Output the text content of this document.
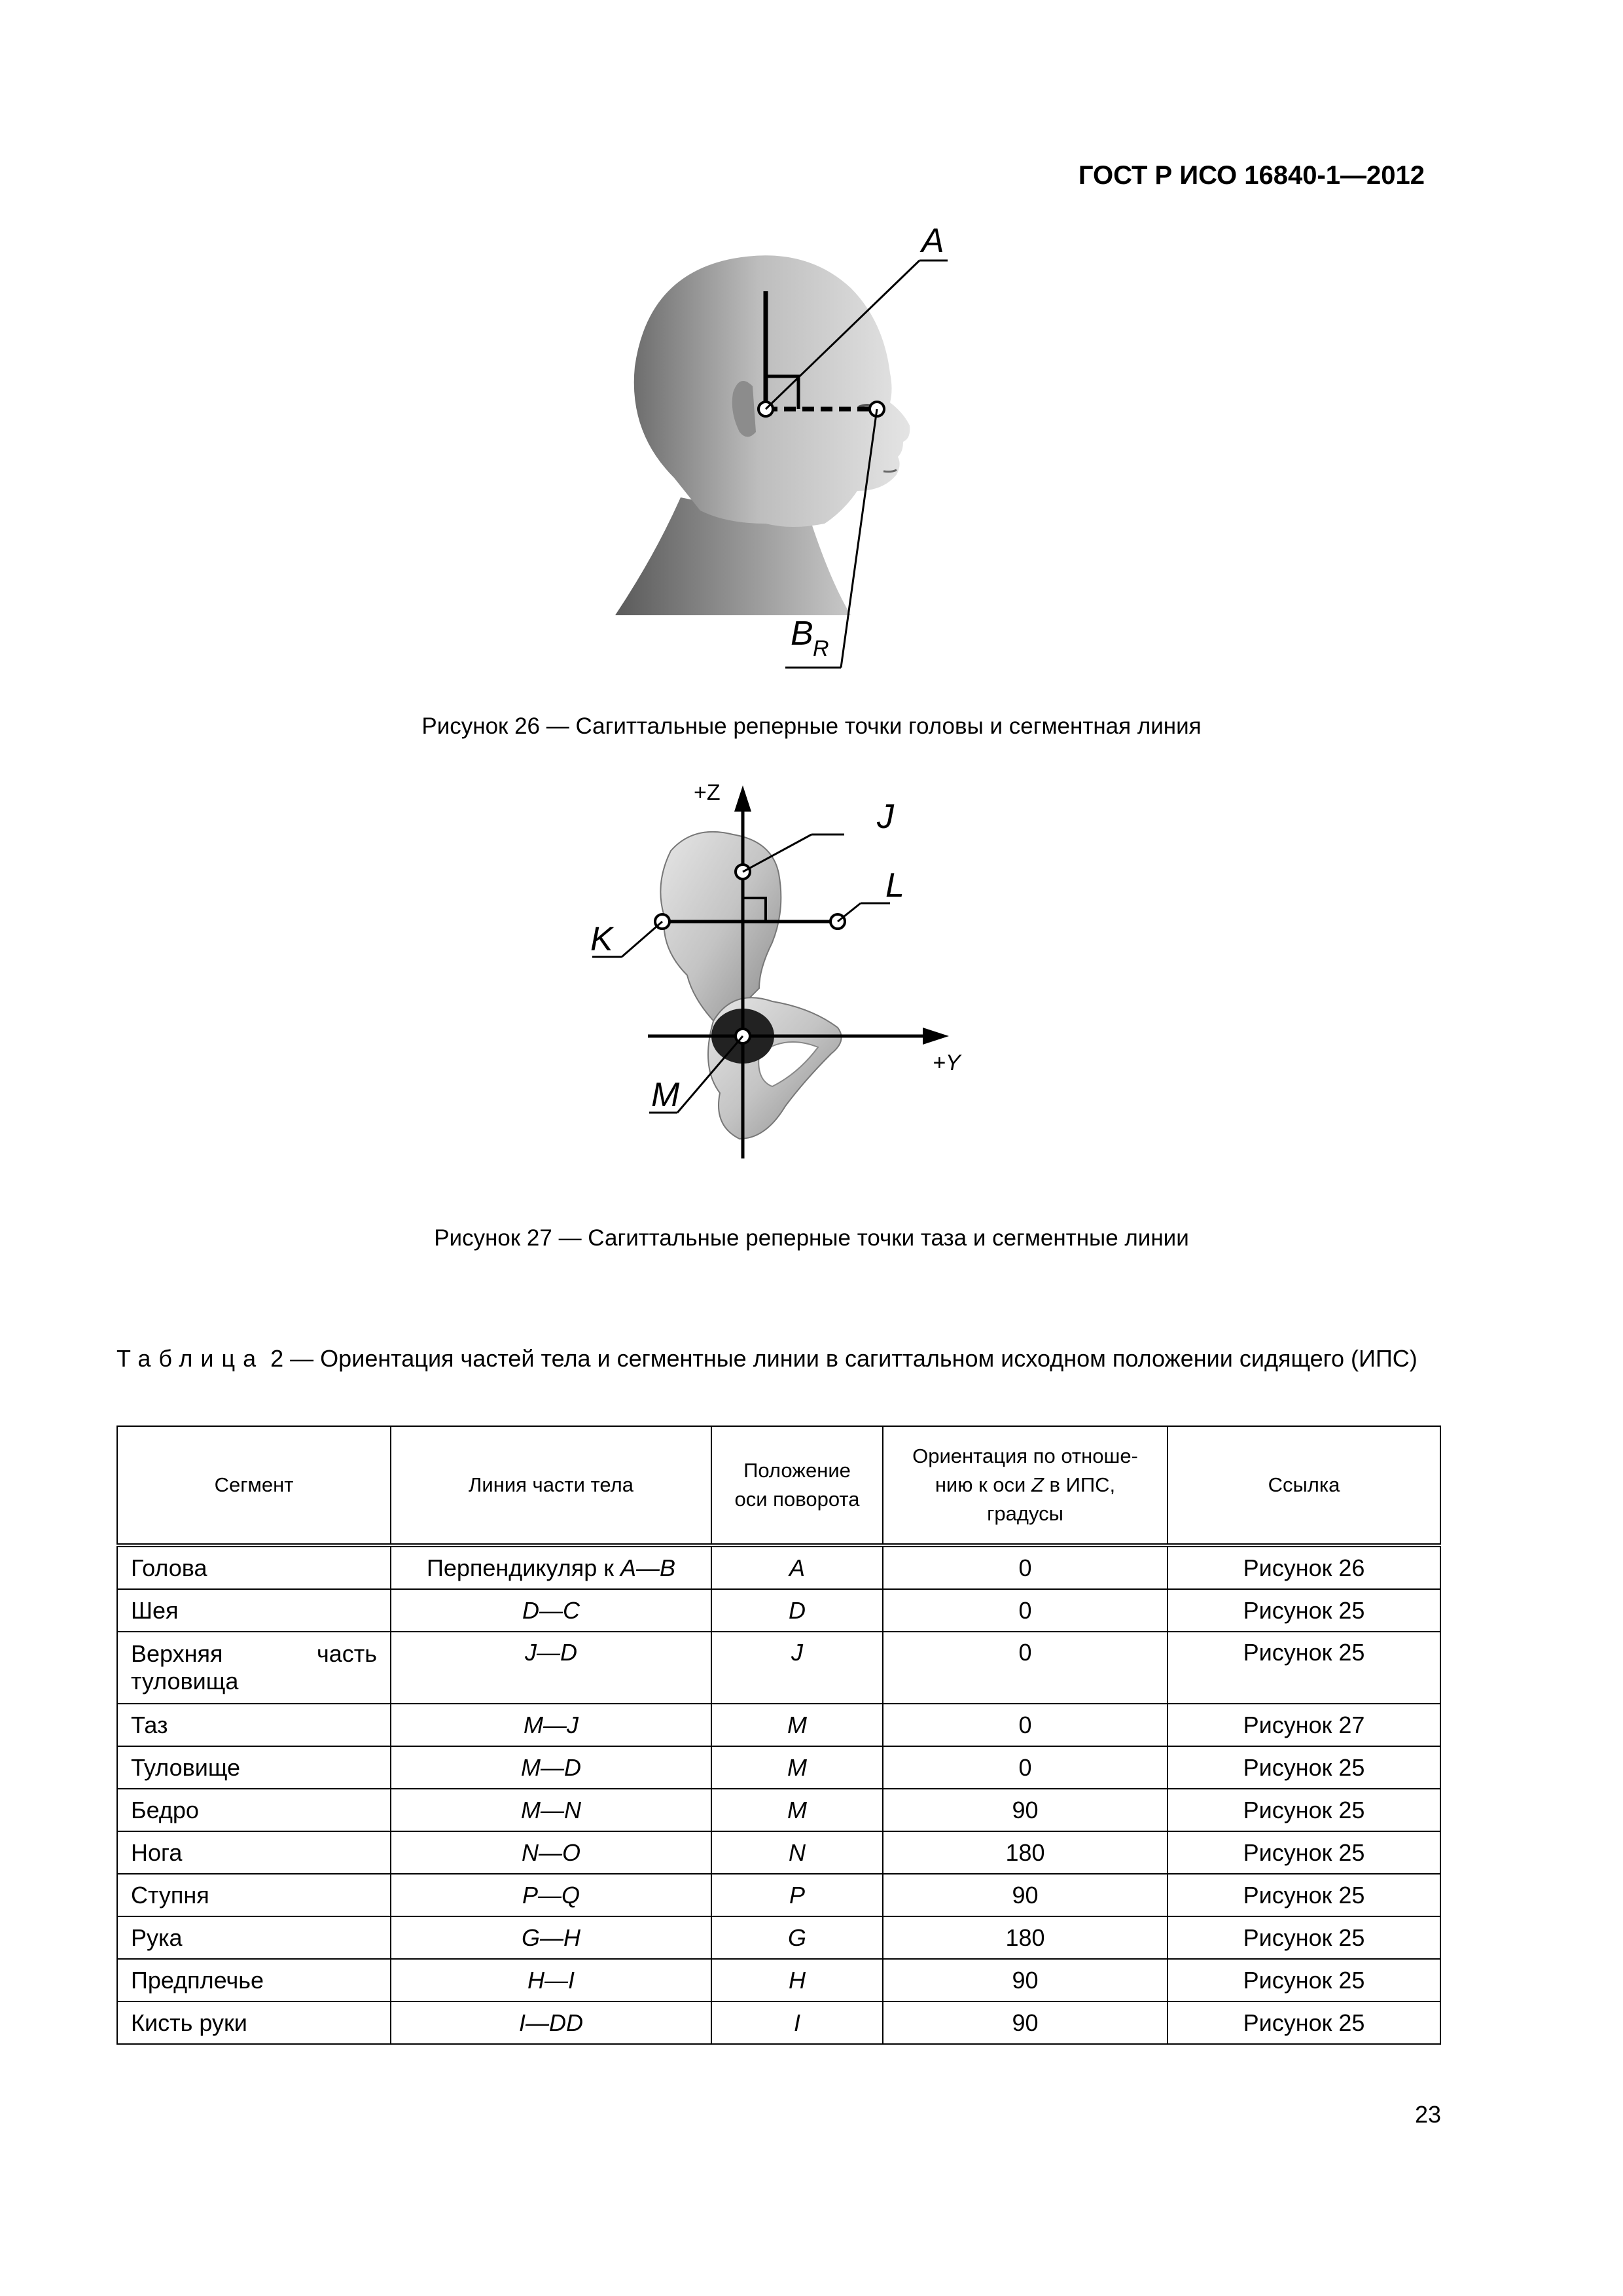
ГОСТ Р ИСО 16840-1—2012
A
B R
Рисунок 26 — Сагиттальные реперные точки головы и сегментная линия
+Z
+Y
J
L
K
M
Рисунок 27 — Сагиттальные реперные точки таза и сегментные линии
Таблица 2 — Ориентация частей тела и сегментные линии в сагиттальном исходном положении сидящего (ИПС)
Сегмент	Линия части тела	Положение оси поворота	Ориентация по отноше-нию к оси Z в ИПС, градусы	Ссылка
Голова	Перпендикуляр к A—B	A	0	Рисунок 26
Шея	D—C	D	0	Рисунок 25
Верхняя часть туловища	J—D	J	0	Рисунок 25
Таз	M—J	M	0	Рисунок 27
Туловище	M—D	M	0	Рисунок 25
Бедро	M—N	M	90	Рисунок 25
Нога	N—O	N	180	Рисунок 25
Ступня	P—Q	P	90	Рисунок 25
Рука	G—H	G	180	Рисунок 25
Предплечье	H—I	H	90	Рисунок 25
Кисть руки	I—DD	I	90	Рисунок 25
23
